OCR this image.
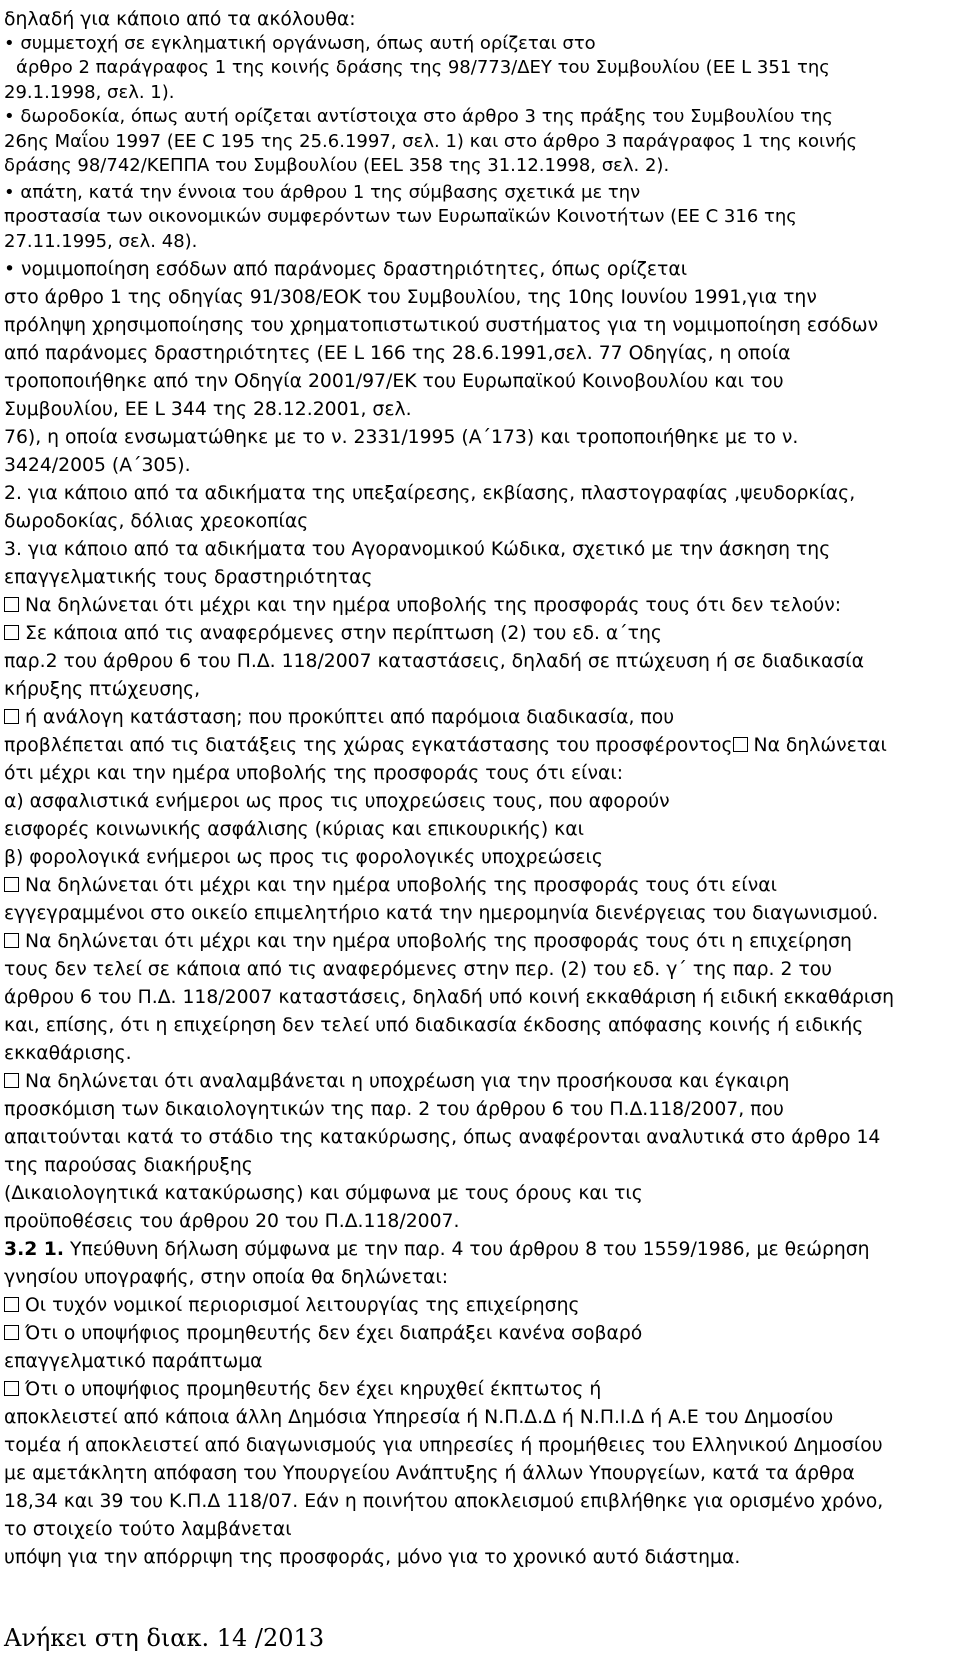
δηλαδή για κάποιο από τα ακόλουθα:
• συμμετοχή σε εγκληματική οργάνωση, όπως αυτή ορίζεται στο
άρθρο 2 παράγραφος 1 της κοινής δράσης της 98/773/ΔΕΥ του Συμβουλίου (ΕΕ L 351 της
29.1.1998, σελ. 1).
• δωροδοκία, όπως αυτή ορίζεται αντίστοιχα στο άρθρο 3 της πράξης του Συμβουλίου της
26ης Μαΐου 1997 (ΕΕ C 195 της 25.6.1997, σελ. 1) και στο άρθρο 3 παράγραφος 1 της κοινής
δράσης 98/742/ΚΕΠΠΑ του Συμβουλίου (ΕΕL 358 της 31.12.1998, σελ. 2).
• απάτη, κατά την έννοια του άρθρου 1 της σύμβασης σχετικά με την
προστασία των οικονομικών συμφερόντων των Ευρωπαϊκών Κοινοτήτων (ΕΕ C 316 της
27.11.1995, σελ. 48).
• νομιμοποίηση εσόδων από παράνομες δραστηριότητες, όπως ορίζεται
στο άρθρο 1 της οδηγίας 91/308/ΕΟΚ του Συμβουλίου, της 10ης Ιουνίου 1991,για την
πρόληψη χρησιμοποίησης του χρηματοπιστωτικού συστήματος για τη νομιμοποίηση εσόδων
από παράνομες δραστηριότητες (ΕΕ L 166 της 28.6.1991,σελ. 77 Οδηγίας, η οποία
τροποποιήθηκε από την Οδηγία 2001/97/ΕΚ του Ευρωπαϊκού Κοινοβουλίου και του
Συμβουλίου, ΕΕ L 344 της 28.12.2001, σελ.
76), η οποία ενσωματώθηκε με το ν. 2331/1995 (Α΄173) και τροποποιήθηκε με το ν.
3424/2005 (Α΄305).
2. για κάποιο από τα αδικήματα της υπεξαίρεσης, εκβίασης, πλαστογραφίας ,ψευδορκίας,
δωροδοκίας, δόλιας χρεοκοπίας
3. για κάποιο από τα αδικήματα του Αγορανομικού Κώδικα, σχετικό με την άσκηση της
επαγγελματικής τους δραστηριότητας
Να δηλώνεται ότι μέχρι και την ημέρα υποβολής της προσφοράς τους ότι δεν τελούν:
Σε κάποια από τις αναφερόμενες στην περίπτωση (2) του εδ. α΄της
παρ.2 του άρθρου 6 του Π.Δ. 118/2007 καταστάσεις, δηλαδή σε πτώχευση ή σε διαδικασία
κήρυξης πτώχευσης,
ή ανάλογη κατάσταση; που προκύπτει από παρόμοια διαδικασία, που
προβλέπεται από τις διατάξεις της χώρας εγκατάστασης του προσφέροντος Να δηλώνεται
ότι μέχρι και την ημέρα υποβολής της προσφοράς τους ότι είναι:
α) ασφαλιστικά ενήμεροι ως προς τις υποχρεώσεις τους, που αφορούν
εισφορές κοινωνικής ασφάλισης (κύριας και επικουρικής) και
β) φορολογικά ενήμεροι ως προς τις φορολογικές υποχρεώσεις
Να δηλώνεται ότι μέχρι και την ημέρα υποβολής της προσφοράς τους ότι είναι
εγγεγραμμένοι στο οικείο επιμελητήριο κατά την ημερομηνία διενέργειας του διαγωνισμού.
Να δηλώνεται ότι μέχρι και την ημέρα υποβολής της προσφοράς τους ότι η επιχείρηση
τους δεν τελεί σε κάποια από τις αναφερόμενες στην περ. (2) του εδ. γ΄ της παρ. 2 του
άρθρου 6 του Π.Δ. 118/2007 καταστάσεις, δηλαδή υπό κοινή εκκαθάριση ή ειδική εκκαθάριση
και, επίσης, ότι η επιχείρηση δεν τελεί υπό διαδικασία έκδοσης απόφασης κοινής ή ειδικής
εκκαθάρισης.
Να δηλώνεται ότι αναλαμβάνεται η υποχρέωση για την προσήκουσα και έγκαιρη
προσκόμιση των δικαιολογητικών της παρ. 2 του άρθρου 6 του Π.Δ.118/2007, που
απαιτούνται κατά το στάδιο της κατακύρωσης, όπως αναφέρονται αναλυτικά στο άρθρο 14
της παρούσας διακήρυξης
(Δικαιολογητικά κατακύρωσης) και σύμφωνα με τους όρους και τις
προϋποθέσεις του άρθρου 20 του Π.Δ.118/2007.
3.2 1. Υπεύθυνη δήλωση σύμφωνα με την παρ. 4 του άρθρου 8 του 1559/1986, με θεώρηση
γνησίου υπογραφής, στην οποία θα δηλώνεται:
Οι τυχόν νομικοί περιορισμοί λειτουργίας της επιχείρησης
Ότι ο υποψήφιος προμηθευτής δεν έχει διαπράξει κανένα σοβαρό
επαγγελματικό παράπτωμα
Ότι ο υποψήφιος προμηθευτής δεν έχει κηρυχθεί έκπτωτος ή
αποκλειστεί από κάποια άλλη Δημόσια Υπηρεσία ή Ν.Π.Δ.Δ ή Ν.Π.Ι.Δ ή Α.Ε του Δημοσίου
τομέα ή αποκλειστεί από διαγωνισμούς για υπηρεσίες ή προμήθειες του Ελληνικού Δημοσίου
με αμετάκλητη απόφαση του Υπουργείου Ανάπτυξης ή άλλων Υπουργείων, κατά τα άρθρα
18,34 και 39 του Κ.Π.Δ 118/07. Εάν η ποινήτου αποκλεισμού επιβλήθηκε για ορισμένο χρόνο,
το στοιχείο τούτο λαμβάνεται
υπόψη για την απόρριψη της προσφοράς, μόνο για το χρονικό αυτό διάστημα.
Ανήκει στη διακ. 14 /2013
